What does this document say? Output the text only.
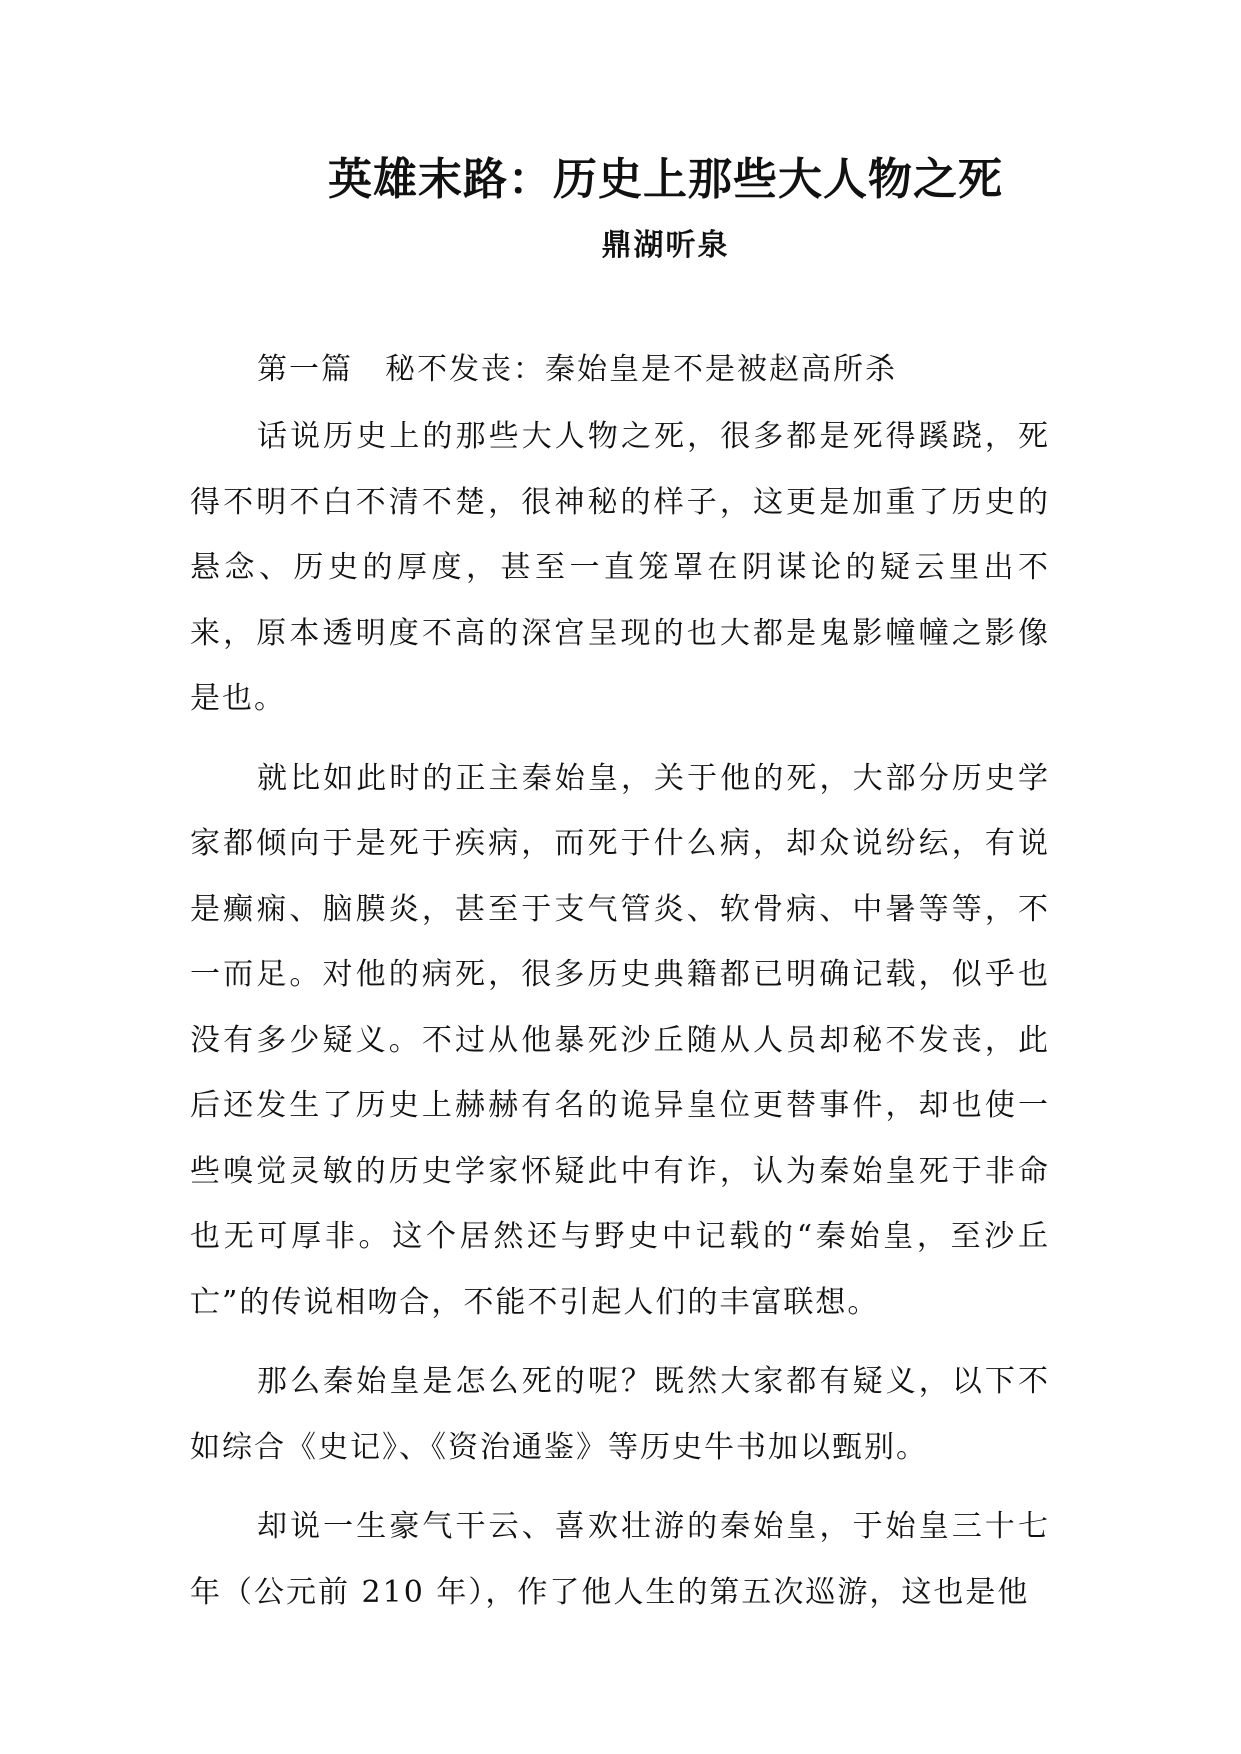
英雄末路：历史上那些大人物之死
鼎湖听泉
第一篇　秘不发丧：秦始皇是不是被赵高所杀

话说历史上的那些大人物之死，很多都是死得蹊跷，死得不明不白不清不楚，很神秘的样子，这更是加重了历史的悬念、历史的厚度，甚至一直笼罩在阴谋论的疑云里出不来，原本透明度不高的深宫呈现的也大都是鬼影幢幢之影像是也。

就比如此时的正主秦始皇，关于他的死，大部分历史学家都倾向于是死于疾病，而死于什么病，却众说纷纭，有说是癫痫、脑膜炎，甚至于支气管炎、软骨病、中暑等等，不一而足。对他的病死，很多历史典籍都已明确记载，似乎也没有多少疑义。不过从他暴死沙丘随从人员却秘不发丧，此后还发生了历史上赫赫有名的诡异皇位更替事件，却也使一些嗅觉灵敏的历史学家怀疑此中有诈，认为秦始皇死于非命也无可厚非。这个居然还与野史中记载的“秦始皇，至沙丘亡”的传说相吻合，不能不引起人们的丰富联想。

那么秦始皇是怎么死的呢？既然大家都有疑义，以下不如综合《史记》、《资治通鉴》等历史牛书加以甄别。

却说一生豪气干云、喜欢壮游的秦始皇，于始皇三十七年（公元前 210 年），作了他人生的第五次巡游，这也是他
